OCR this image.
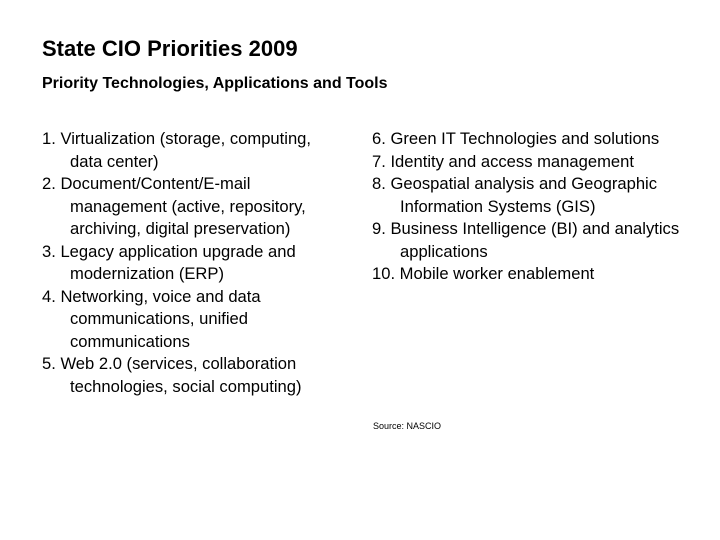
State CIO Priorities 2009
Priority Technologies, Applications and Tools
1. Virtualization (storage, computing, data center)
2. Document/Content/E-mail management (active, repository, archiving, digital preservation)
3. Legacy application upgrade and modernization (ERP)
4. Networking, voice and data communications, unified communications
5. Web 2.0 (services, collaboration technologies, social computing)
6. Green IT Technologies and solutions
7. Identity and access management
8. Geospatial analysis and Geographic Information Systems (GIS)
9. Business Intelligence (BI) and analytics applications
10. Mobile worker enablement
Source: NASCIO
